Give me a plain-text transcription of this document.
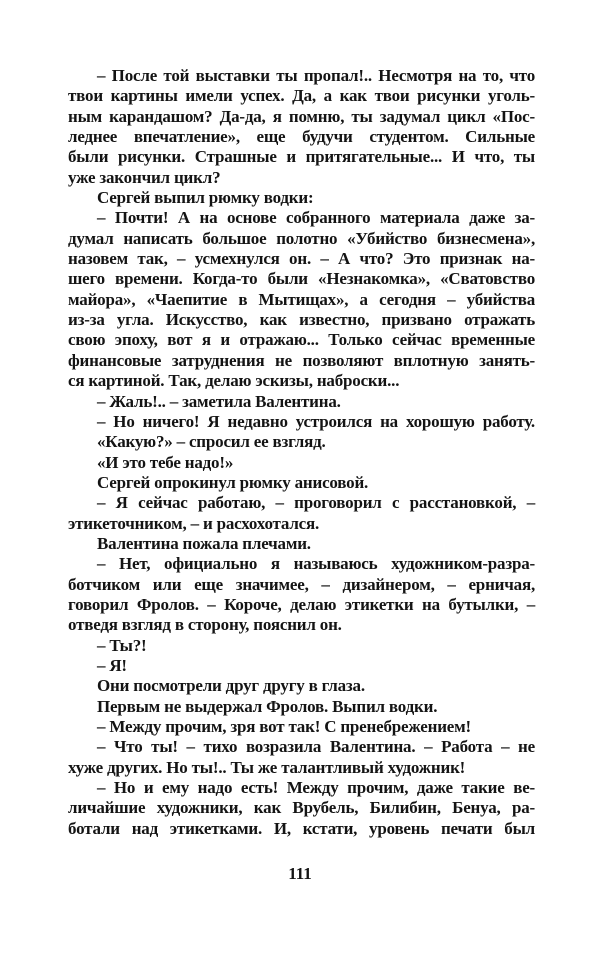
– После той выставки ты пропал!.. Несмотря на то, что
твои картины имели успех. Да, а как твои рисунки уголь-
ным карандашом? Да-да, я помню, ты задумал цикл «Пос-
леднее впечатление», еще будучи студентом. Сильные
были рисунки. Страшные и притягательные... И что, ты
уже закончил цикл?
Сергей выпил рюмку водки:
– Почти! А на основе собранного материала даже за-
думал написать большое полотно «Убийство бизнесмена»,
назовем так, – усмехнулся он. – А что? Это признак на-
шего времени. Когда-то были «Незнакомка», «Сватовство
майора», «Чаепитие в Мытищах», а сегодня – убийства
из-за угла. Искусство, как известно, призвано отражать
свою эпоху, вот я и отражаю... Только сейчас временные
финансовые затруднения не позволяют вплотную занять-
ся картиной. Так, делаю эскизы, наброски...
– Жаль!.. – заметила Валентина.
– Но ничего! Я недавно устроился на хорошую работу.
«Какую?» – спросил ее взгляд.
«И это тебе надо!»
Сергей опрокинул рюмку анисовой.
– Я сейчас работаю, – проговорил с расстановкой, –
этикеточником, – и расхохотался.
Валентина пожала плечами.
– Нет, официально я называюсь художником-разра-
ботчиком или еще значимее, – дизайнером, – ерничая,
говорил Фролов. – Короче, делаю этикетки на бутылки, –
отведя взгляд в сторону, пояснил он.
– Ты?!
– Я!
Они посмотрели друг другу в глаза.
Первым не выдержал Фролов. Выпил водки.
– Между прочим, зря вот так! С пренебрежением!
– Что ты! – тихо возразила Валентина. – Работа – не
хуже других. Но ты!.. Ты же талантливый художник!
– Но и ему надо есть! Между прочим, даже такие ве-
личайшие художники, как Врубель, Билибин, Бенуа, ра-
ботали над этикетками. И, кстати, уровень печати был
111
